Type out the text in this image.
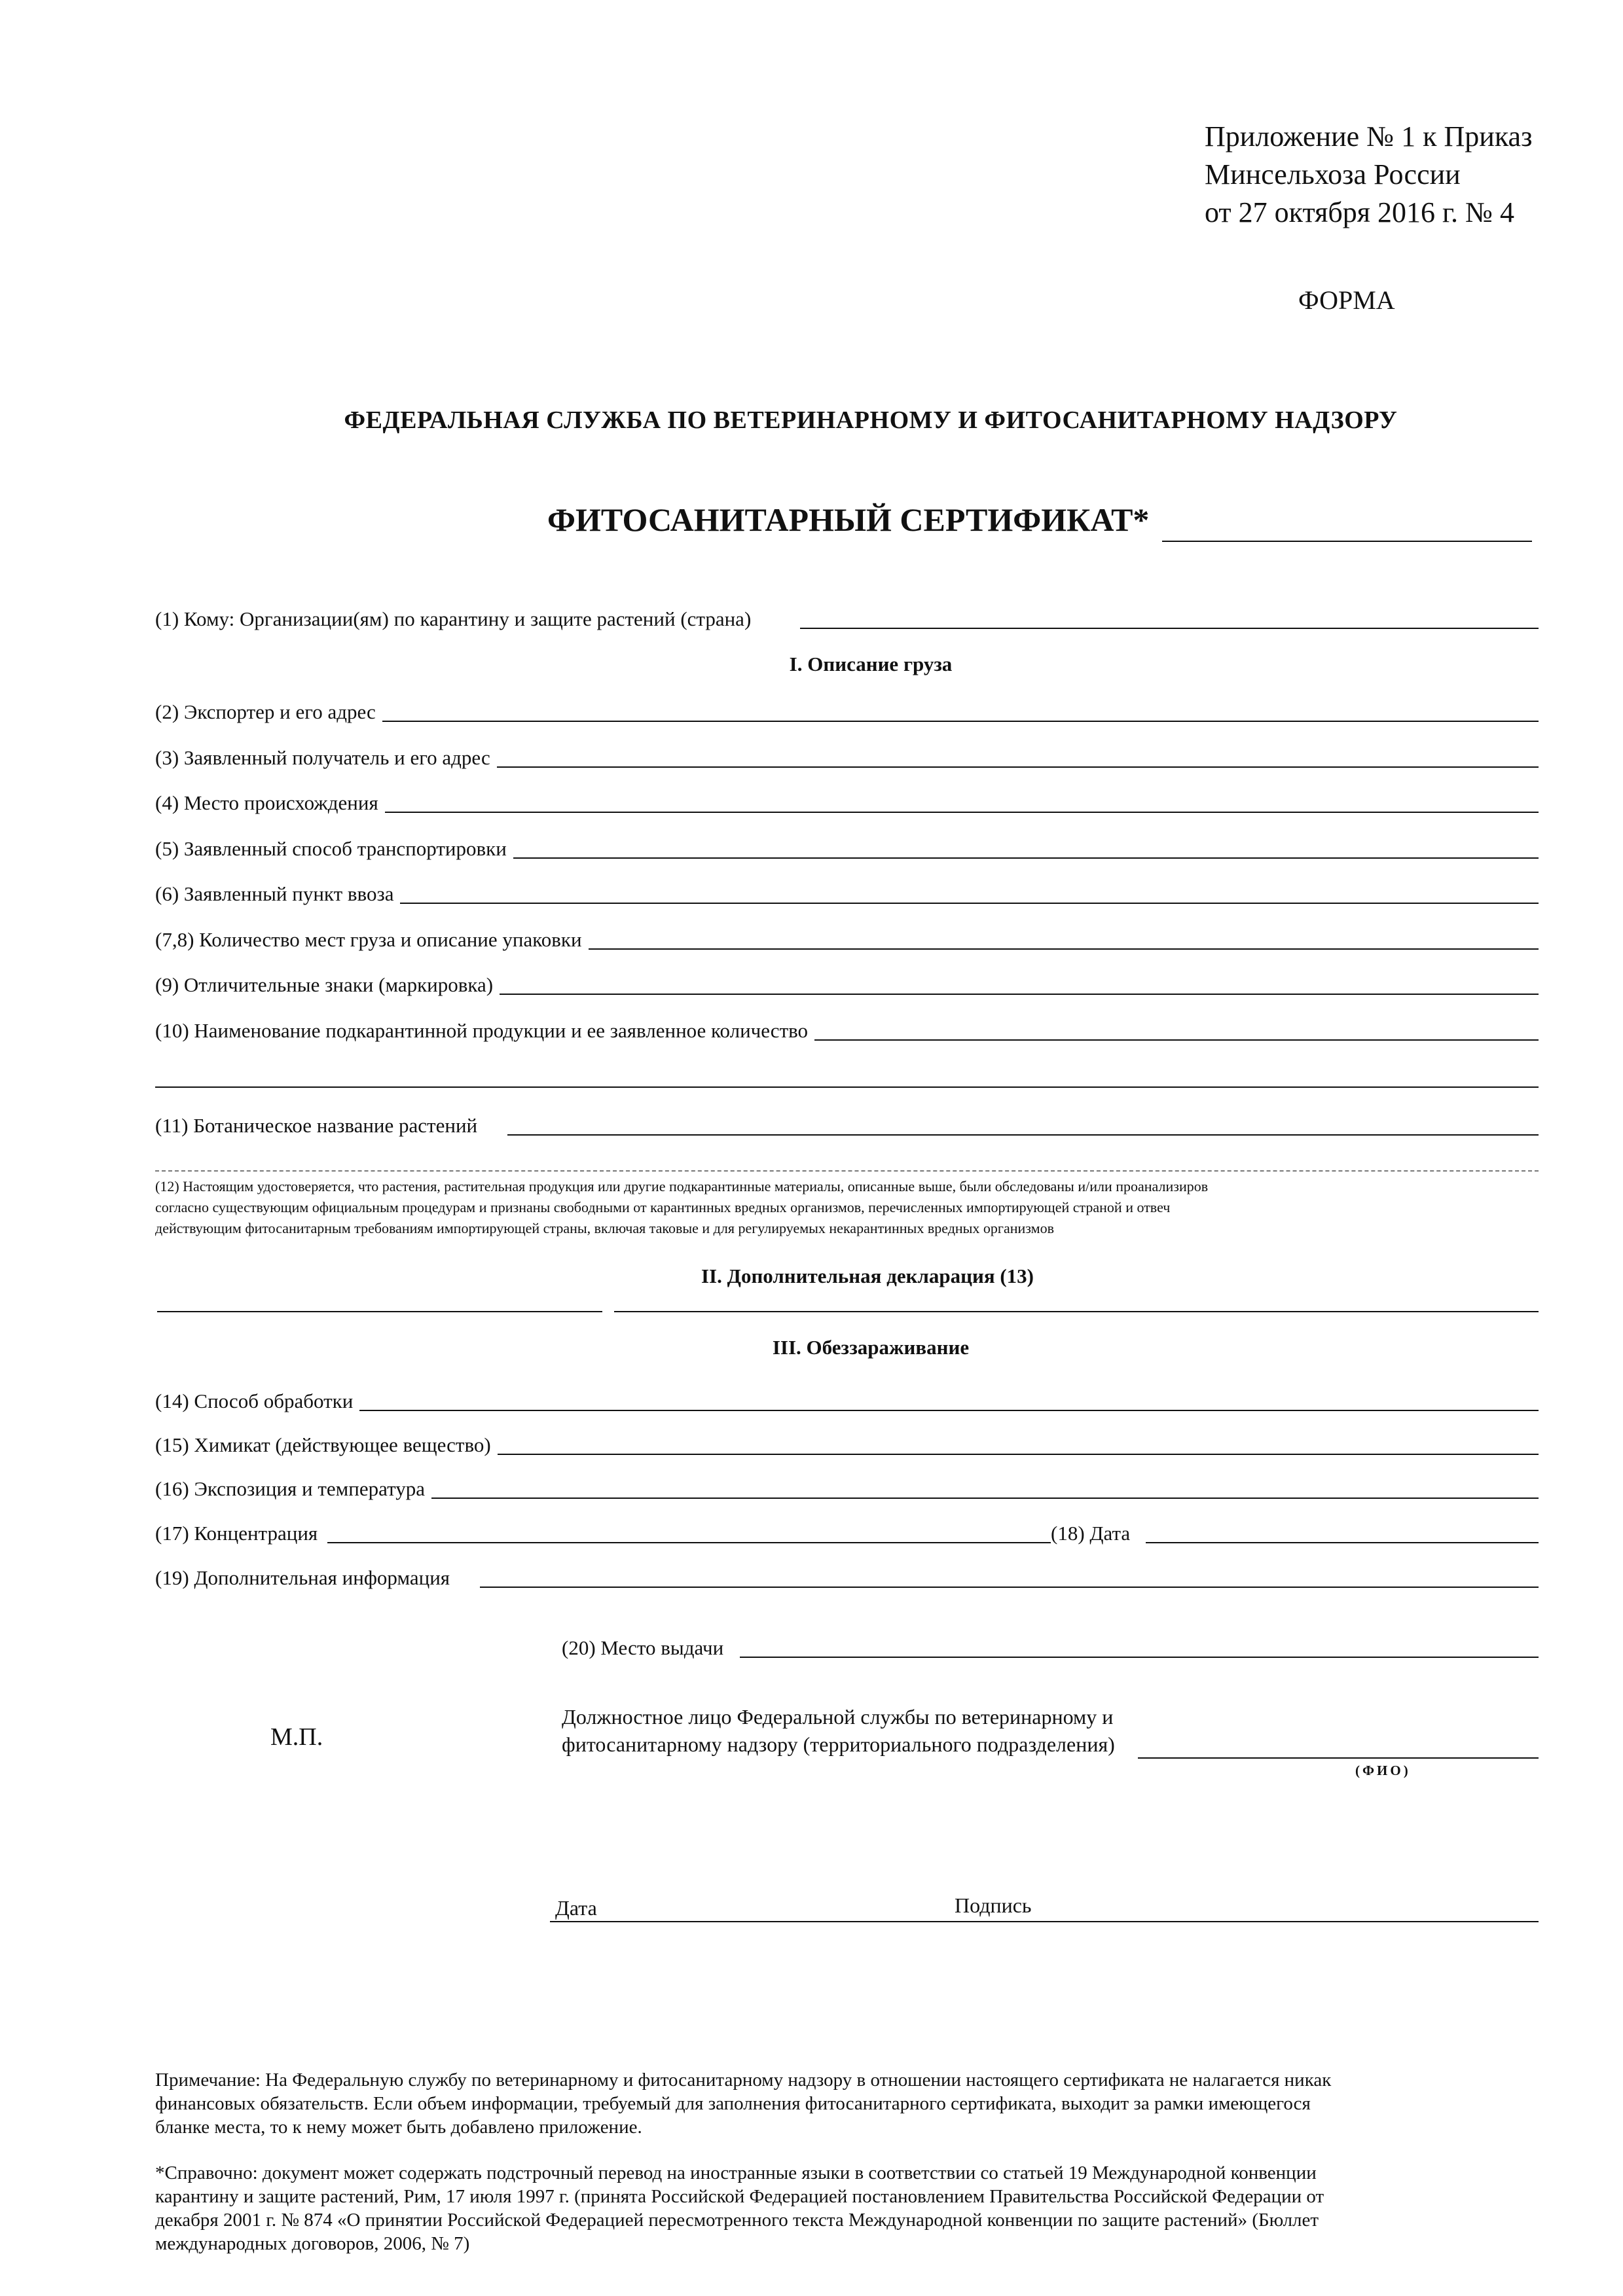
Приложение № 1 к Приказ
Минсельхоза России
от 27 октября 2016 г. № 4
ФОРМА
ФЕДЕРАЛЬНАЯ СЛУЖБА ПО ВЕТЕРИНАРНОМУ И ФИТОСАНИТАРНОМУ НАДЗОРУ
ФИТОСАНИТАРНЫЙ СЕРТИФИКАТ*
(1) Кому: Организации(ям) по карантину и защите растений (страна)
I. Описание груза
(2) Экспортер и его адрес
(3) Заявленный получатель и его адрес
(4) Место происхождения
(5) Заявленный способ транспортировки
(6) Заявленный пункт ввоза
(7,8) Количество мест груза и описание упаковки
(9) Отличительные знаки (маркировка)
(10) Наименование подкарантинной продукции и ее заявленное количество
(11) Ботаническое название растений
(12) Настоящим удостоверяется, что растения, растительная продукция или другие подкарантинные материалы, описанные выше, были обследованы и/или проанализиров
согласно существующим официальным процедурам и признаны свободными от карантинных вредных организмов, перечисленных импортирующей страной и отвеч
действующим фитосанитарным требованиям импортирующей страны, включая таковые и для регулируемых некарантинных вредных организмов
II. Дополнительная декларация (13)
III. Обеззараживание
(14) Способ обработки
(15) Химикат (действующее вещество)
(16) Экспозиция и температура
(17) Концентрация	(18) Дата
(19) Дополнительная информация
(20) Место выдачи
М.П.
Должностное лицо Федеральной службы по ветеринарному и
фитосанитарному надзору (территориального подразделения)
(ФИО)
Дата	Подпись
Примечание: На Федеральную службу по ветеринарному и фитосанитарному надзору в отношении настоящего сертификата не налагается никак
финансовых обязательств. Если объем информации, требуемый для заполнения фитосанитарного сертификата, выходит за рамки имеющегося
бланке места, то к нему может быть добавлено приложение.
*Справочно: документ может содержать подстрочный перевод на иностранные языки в соответствии со статьей 19 Международной конвенции
карантину и защите растений, Рим, 17 июля 1997 г. (принята Российской Федерацией постановлением Правительства Российской Федерации от
декабря 2001 г. № 874 «О принятии Российской Федерацией пересмотренного текста Международной конвенции по защите растений» (Бюллет
международных договоров, 2006, № 7)
